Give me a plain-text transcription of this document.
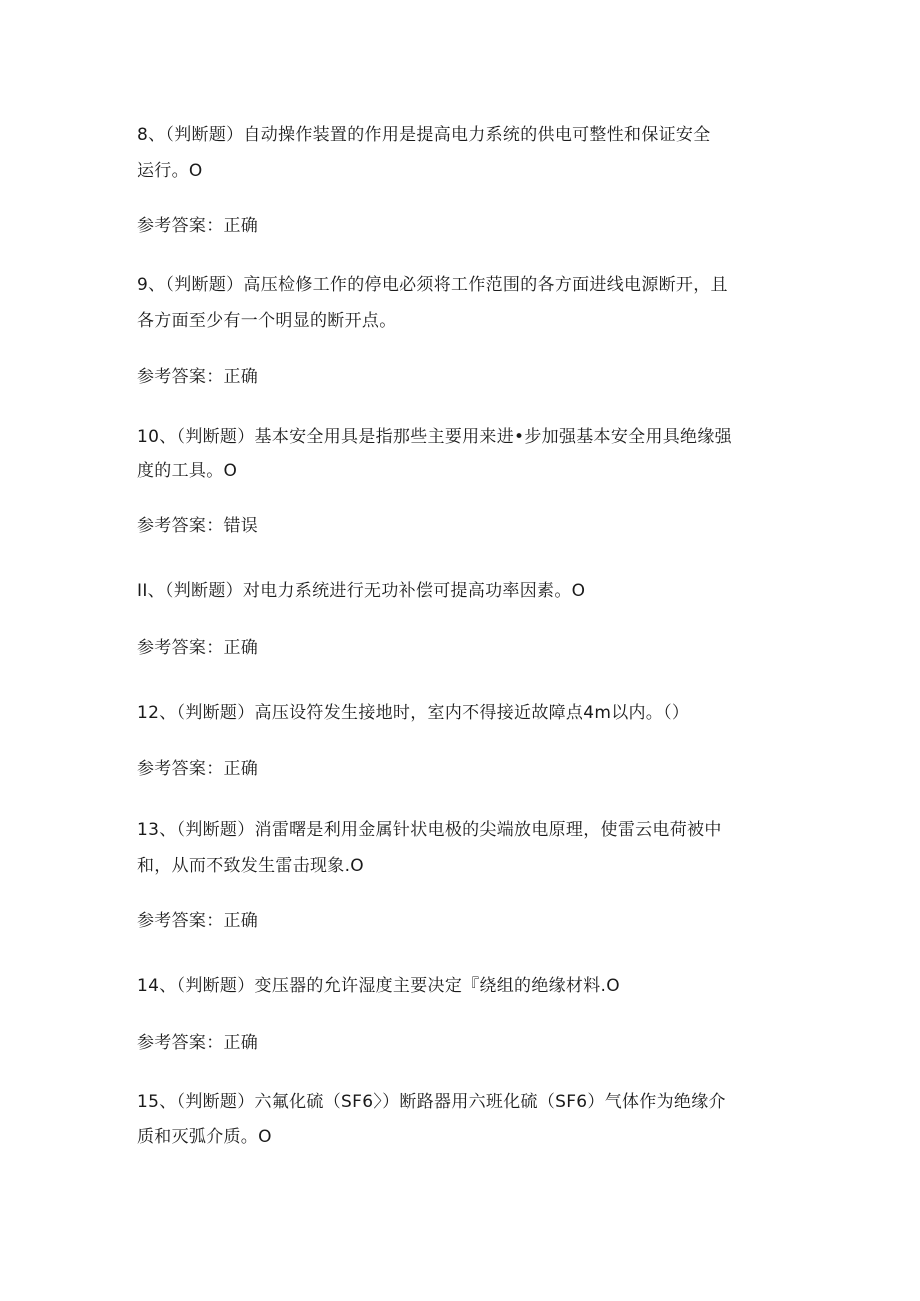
8、（判断题）自动操作装置的作用是提高电力系统的供电可整性和保证安全
运行。O
参考答案：正确
9、（判断题）高压检修工作的停电必须将工作范围的各方面进线电源断开，且
各方面至少有一个明显的断开点。
参考答案：正确
10、（判断题）基本安全用具是指那些主要用来进•步加强基本安全用具绝缘强
度的工具。O
参考答案：错误
II、（判断题）对电力系统进行无功补偿可提高功率因素。O
参考答案：正确
12、（判断题）高压设符发生接地时，室内不得接近故障点4m以内。（）
参考答案：正确
13、（判断题）消雷曙是利用金属针状电极的尖端放电原理，使雷云电荷被中
和，从而不致发生雷击现象.O
参考答案：正确
14、（判断题）变压器的允许湿度主要决定『绕组的绝缘材料.O
参考答案：正确
15、（判断题）六氟化硫（SF6〉）断路器用六班化硫（SF6）气体作为绝缘介
质和灭弧介质。O
